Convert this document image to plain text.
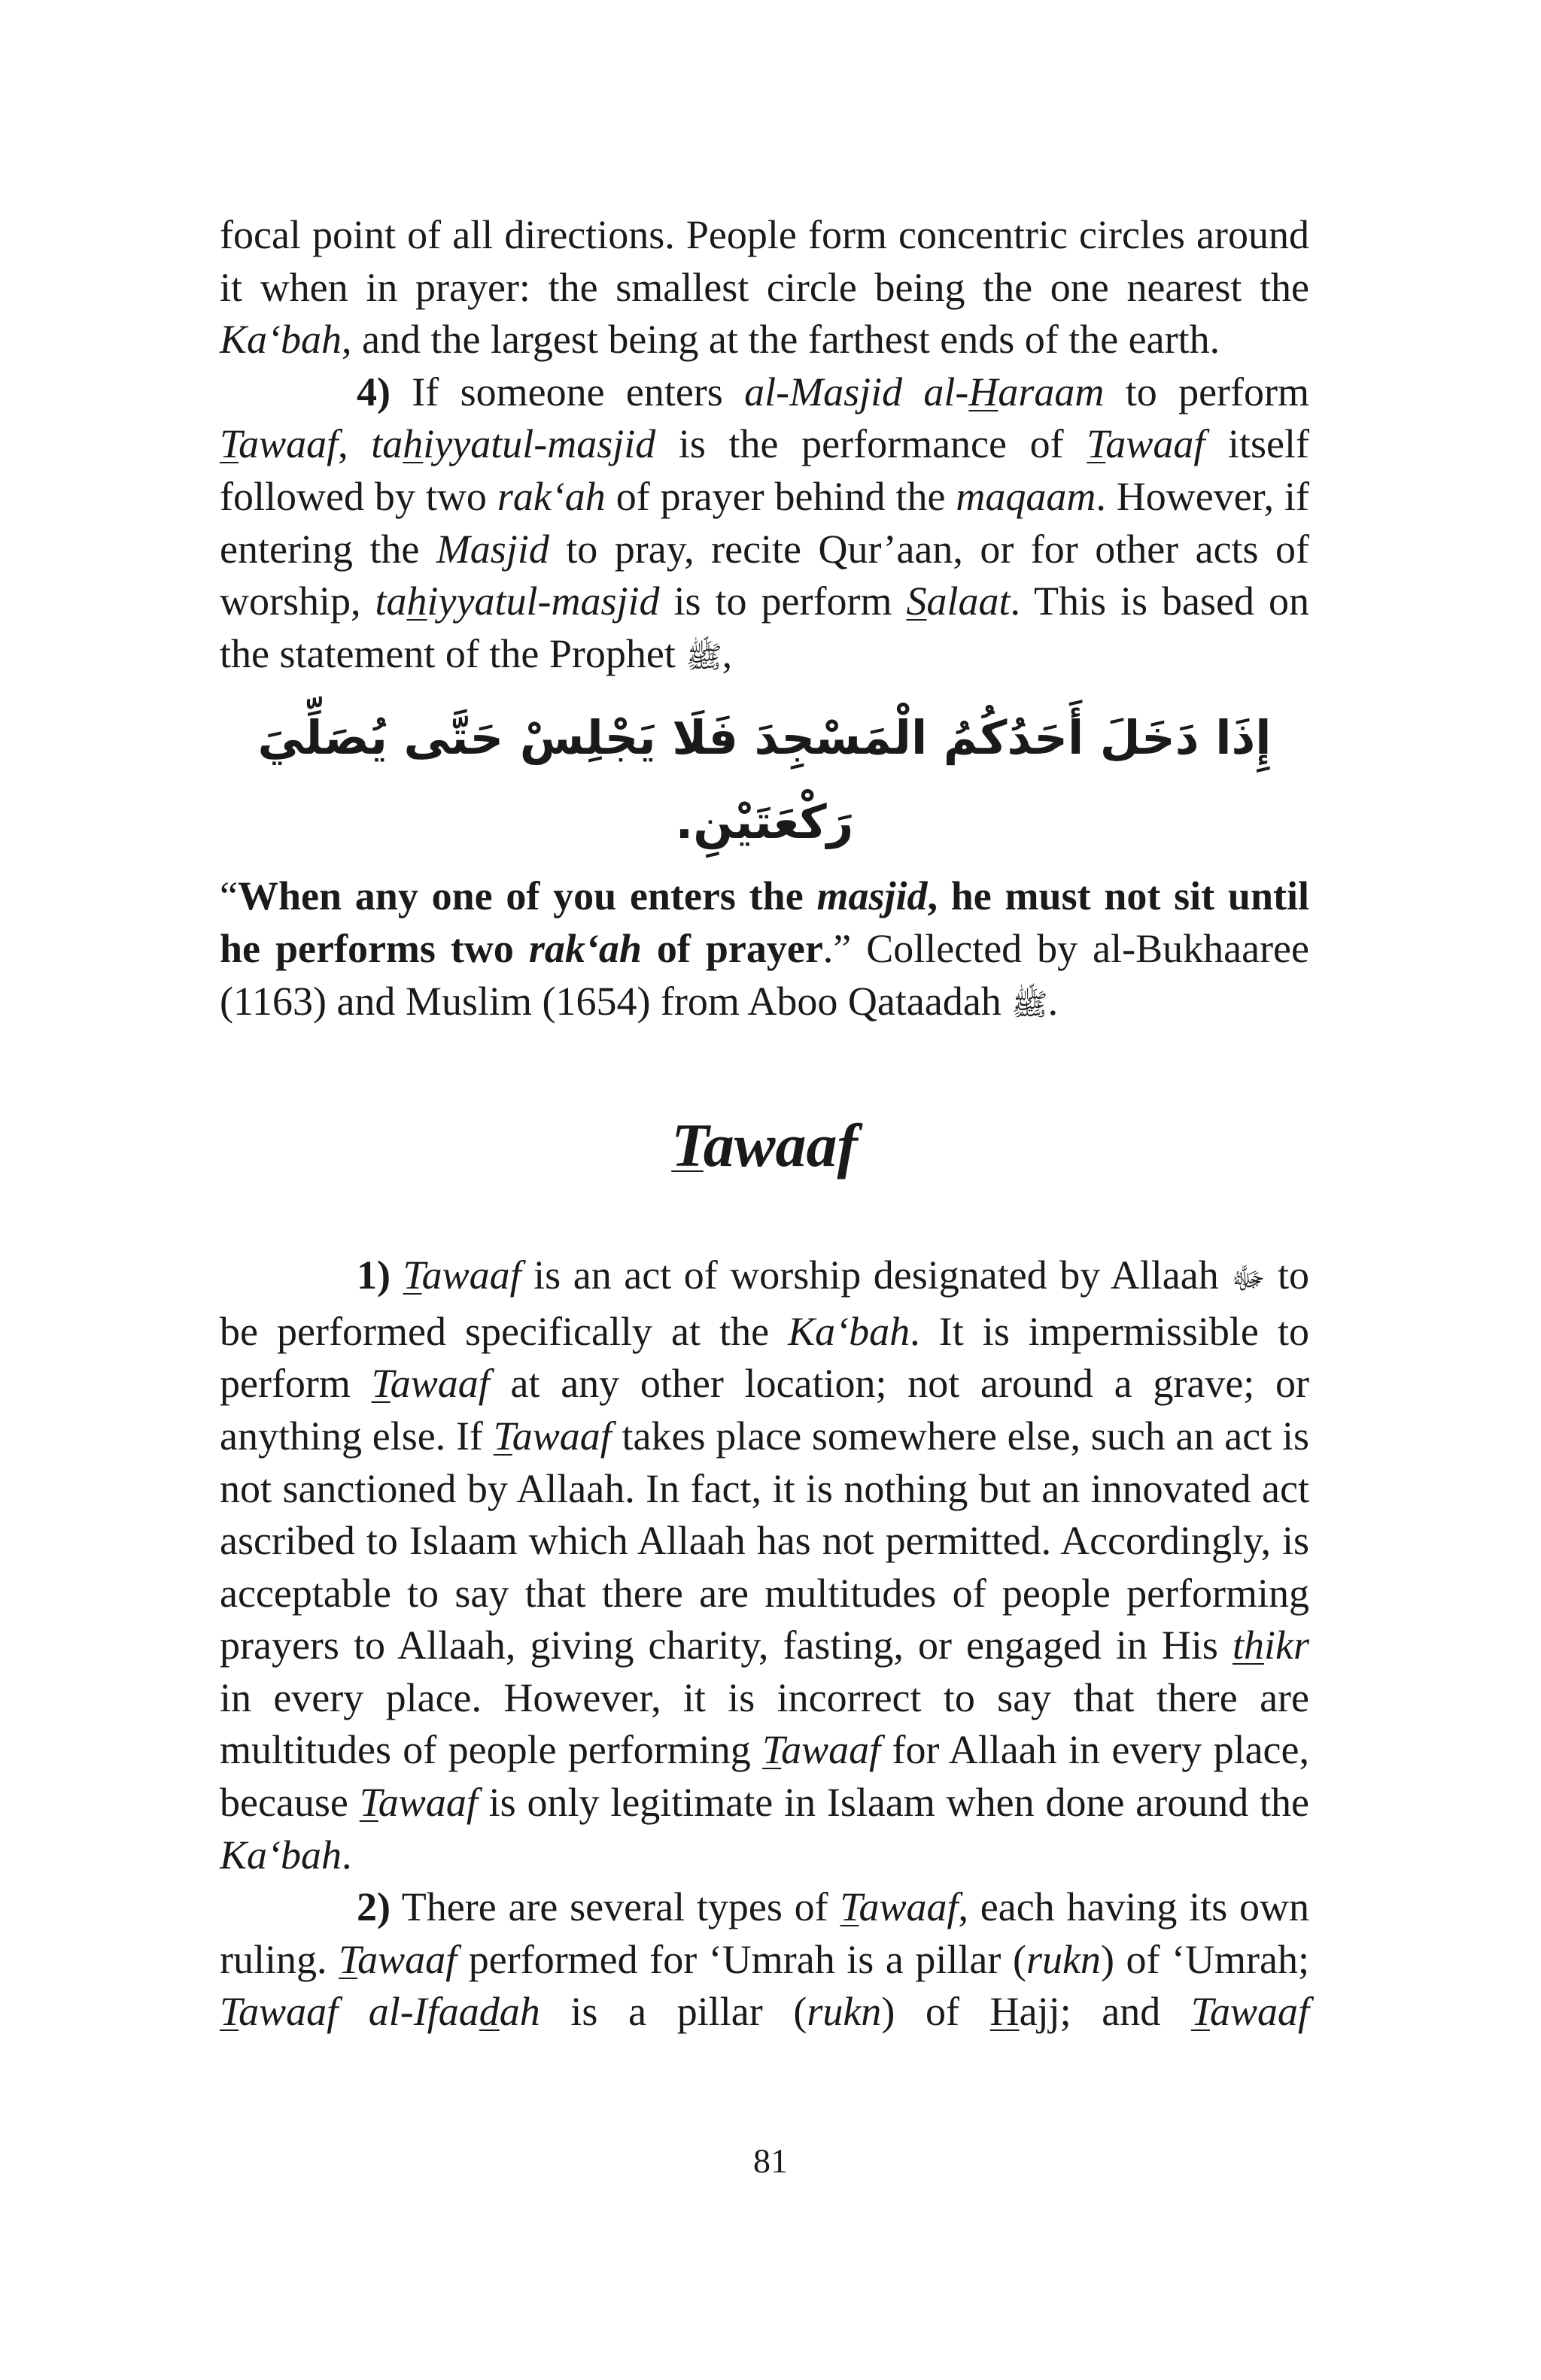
focal point of all directions. People form concentric circles around it when in prayer: the smallest circle being the one nearest the Ka‘bah, and the largest being at the farthest ends of the earth.

4) If someone enters al-Masjid al-Haraam to perform Tawaaf, tahiyyatul-masjid is the performance of Tawaaf itself followed by two rak‘ah of prayer behind the maqaam. However, if entering the Masjid to pray, recite Qur’aan, or for other acts of worship, tahiyyatul-masjid is to perform Salaat. This is based on the statement of the Prophet ﷺ,

إِذَا دَخَلَ أَحَدُكُمُ الْمَسْجِدَ فَلَا يَجْلِسْ حَتَّى يُصَلِّيَ رَكْعَتَيْنِ.

“When any one of you enters the masjid, he must not sit until he performs two rak‘ah of prayer.” Collected by al-Bukhaaree (1163) and Muslim (1654) from Aboo Qataadah ﷺ.

Tawaaf

1) Tawaaf is an act of worship designated by Allaah ﷻ to be performed specifically at the Ka‘bah. It is impermissible to perform Tawaaf at any other location; not around a grave; or anything else. If Tawaaf takes place somewhere else, such an act is not sanctioned by Allaah. In fact, it is nothing but an innovated act ascribed to Islaam which Allaah has not permitted. Accordingly, is acceptable to say that there are multitudes of people performing prayers to Allaah, giving charity, fasting, or engaged in His thikr in every place. However, it is incorrect to say that there are multitudes of people performing Tawaaf for Allaah in every place, because Tawaaf is only legitimate in Islaam when done around the Ka‘bah.

2) There are several types of Tawaaf, each having its own ruling. Tawaaf performed for ‘Umrah is a pillar (rukn) of ‘Umrah; Tawaaf al-Ifaadah is a pillar (rukn) of Hajj; and Tawaaf

81
